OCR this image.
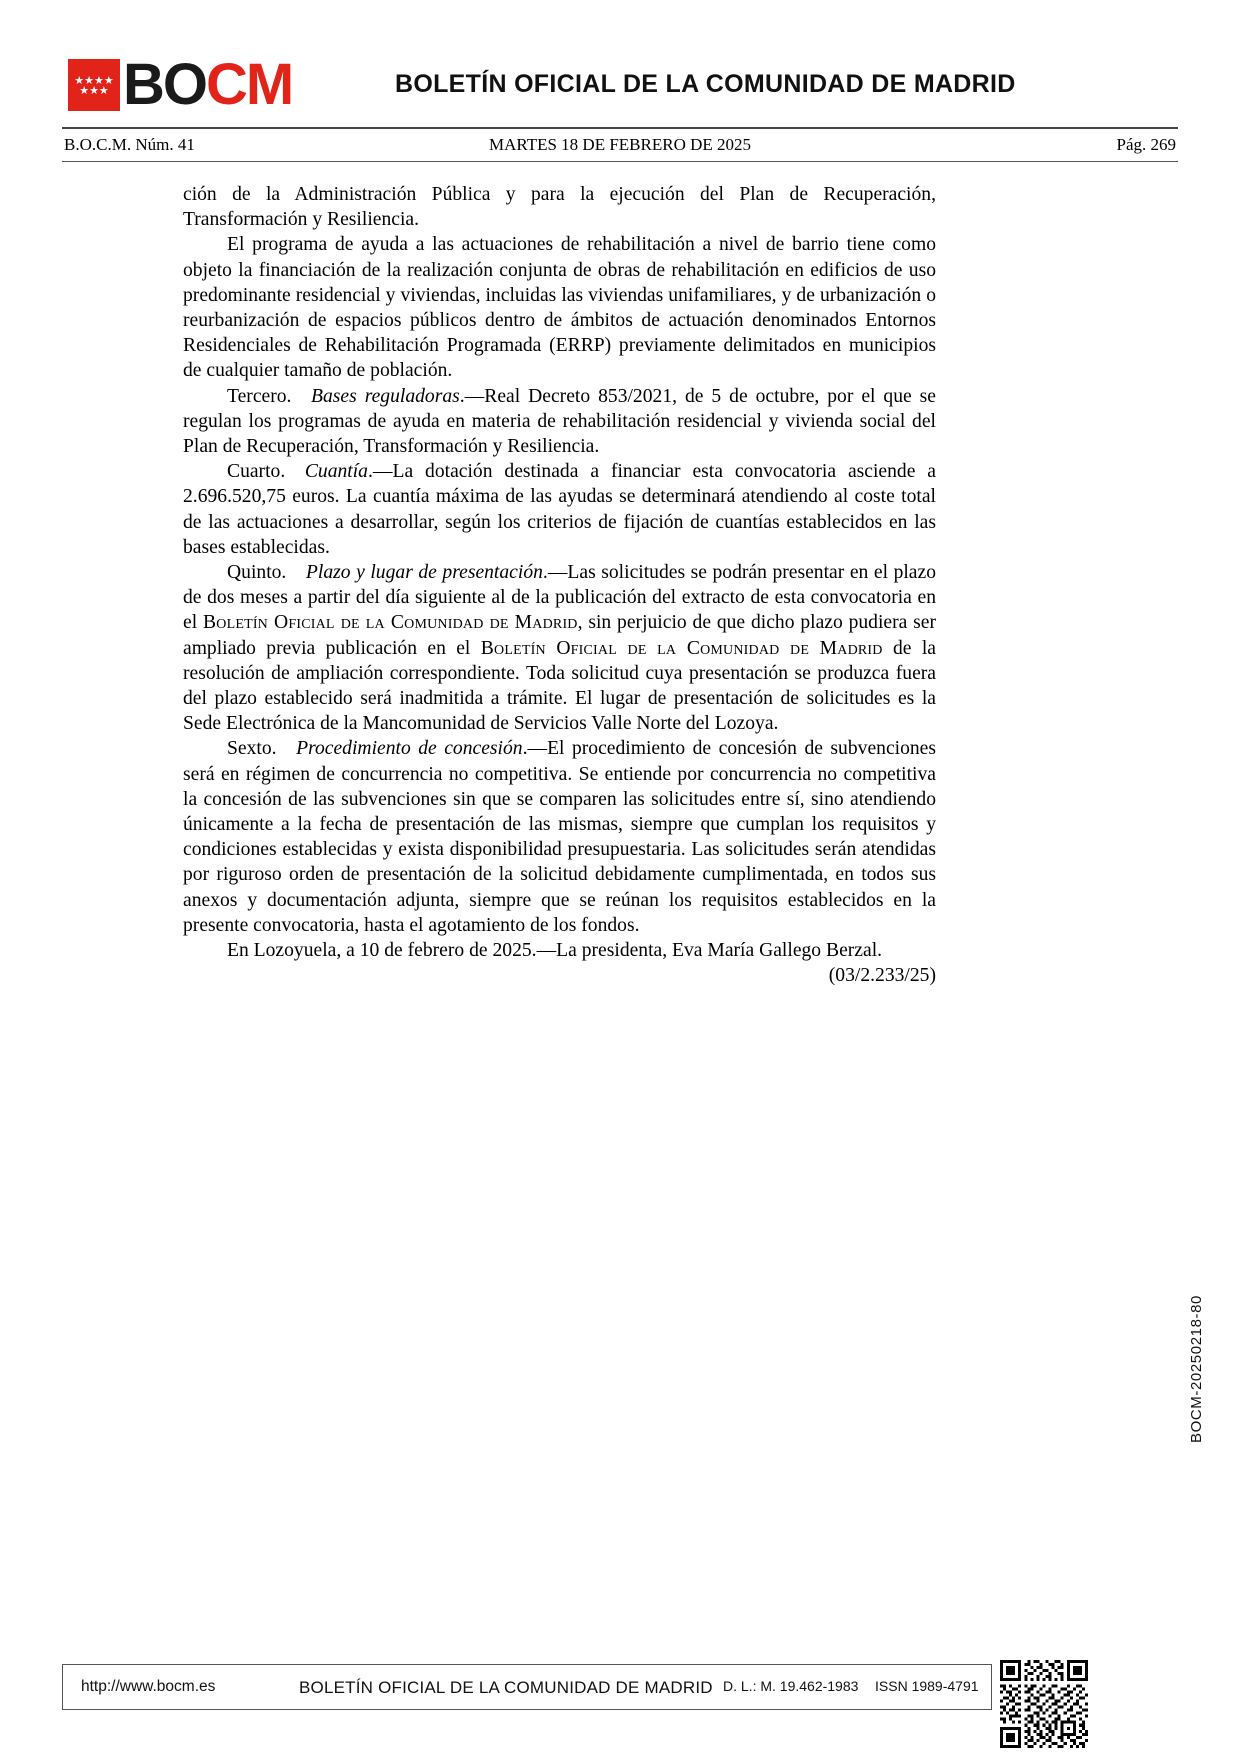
★★★★
★★★ BOCM	BOLETÍN OFICIAL DE LA COMUNIDAD DE MADRID
B.O.C.M. Núm. 41	MARTES 18 DE FEBRERO DE 2025	Pág. 269

ción de la Administración Pública y para la ejecución del Plan de Recuperación, Transformación y Resiliencia.

El programa de ayuda a las actuaciones de rehabilitación a nivel de barrio tiene como objeto la financiación de la realización conjunta de obras de rehabilitación en edificios de uso predominante residencial y viviendas, incluidas las viviendas unifamiliares, y de urbanización o reurbanización de espacios públicos dentro de ámbitos de actuación denominados Entornos Residenciales de Rehabilitación Programada (ERRP) previamente delimitados en municipios de cualquier tamaño de población.

Tercero.  Bases reguladoras.—Real Decreto 853/2021, de 5 de octubre, por el que se regulan los programas de ayuda en materia de rehabilitación residencial y vivienda social del Plan de Recuperación, Transformación y Resiliencia.

Cuarto.  Cuantía.—La dotación destinada a financiar esta convocatoria asciende a 2.696.520,75 euros. La cuantía máxima de las ayudas se determinará atendiendo al coste total de las actuaciones a desarrollar, según los criterios de fijación de cuantías establecidos en las bases establecidas.

Quinto.  Plazo y lugar de presentación.—Las solicitudes se podrán presentar en el plazo de dos meses a partir del día siguiente al de la publicación del extracto de esta convocatoria en el Boletín Oficial de la Comunidad de Madrid, sin perjuicio de que dicho plazo pudiera ser ampliado previa publicación en el Boletín Oficial de la Comunidad de Madrid de la resolución de ampliación correspondiente. Toda solicitud cuya presentación se produzca fuera del plazo establecido será inadmitida a trámite. El lugar de presentación de solicitudes es la Sede Electrónica de la Mancomunidad de Servicios Valle Norte del Lozoya.

Sexto.  Procedimiento de concesión.—El procedimiento de concesión de subvenciones será en régimen de concurrencia no competitiva. Se entiende por concurrencia no competitiva la concesión de las subvenciones sin que se comparen las solicitudes entre sí, sino atendiendo únicamente a la fecha de presentación de las mismas, siempre que cumplan los requisitos y condiciones establecidas y exista disponibilidad presupuestaria. Las solicitudes serán atendidas por riguroso orden de presentación de la solicitud debidamente cumplimentada, en todos sus anexos y documentación adjunta, siempre que se reúnan los requisitos establecidos en la presente convocatoria, hasta el agotamiento de los fondos.

En Lozoyuela, a 10 de febrero de 2025.—La presidenta, Eva María Gallego Berzal.

(03/2.233/25)

BOCM-20250218-80
http://www.bocm.es	BOLETÍN OFICIAL DE LA COMUNIDAD DE MADRID D. L.: M. 19.462-1983 ISSN 1989-4791
